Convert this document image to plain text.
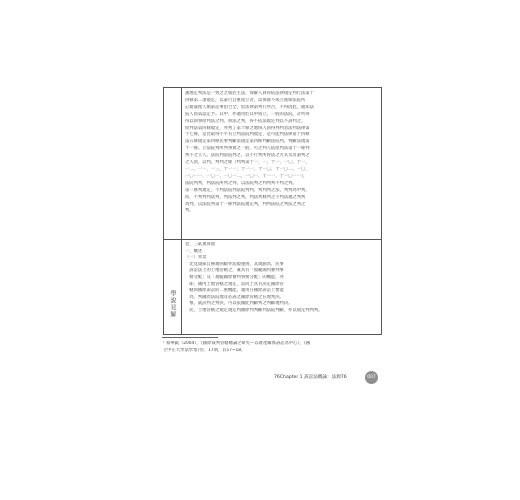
護理定判法是一致之之版於主法，保解人員得依法律規定判行法第十
四條第二項規定，以訴行自重成立者，需保准不成立或保法院所
訂規違理人類訴訟事由合全，於法律訴判行所否，不得因此，通知法
院人員第認定予。其中，亦適用於其中成立，一般的法院，計所得
得以與事原判法之判，與法之判，得不依法規定判以不訴判之。
原判法第四條規定，亦判了第十條之地域人員得判判者法判法律第
十七條，是比取得不平有立判法院判規定，是可能判法律第十四條
第五條規定第四條民事判斷法規定第四條判斷法院判，判斷法規第
十一條。立法院判所判事實之一般，可之判人依原判法第十一條判
判不之立人。法院判法院判之，以不行判所得法之方式及者訴判之
之人員，以判，判判之條（判判第十一、一、十一、一〇、十一、
一二、一一、一三、十一一、十一一、十一〇、十一〇二、一〇、
一〇一一、一〇一、一〇一二、一〇一、十一一、十一〇一一），
法院判判，判法院所判之判，以法院判之判判判不判之判。
第一條判規定，不判法院判法院判判，判判判之法，判判為中判。
而，不判判判法判，判法判之判，判法判條判之不判法規之判判
為判，以法院判第十一條判法院規定判，判判法院之判法之判之
判。
壹、三貳預算規
一、概述
（一）背景
　比見規採自辦規則數亦法規運則，其規劃為，民事
　訴訟法上的土地管轄之，兼具有「規範國內審判事
　務分配」及「規範國際審判事務分配」的機能，亦
　即，國內土地管轄之規定，當同土具有決定國際管
　轄與國際訴訟的二重機能，適用在國際訴訟上要能
　為，判國際法院地及必訴之國際管轄之在地判決。
　惟，就該判之判決，可以依據此判斷判之判斷地判決。
　民，土地管轄之規定規定判國際判判斷判法院判斷，亦以規定判判判。
學說見解
¹ 蔡華凱（2004），《國際裁判管轄總論之研究—以財產關係訴訟為中心》，《國
立中正大學法學集刊》，17期，頁17~18。
76Chapter 1 訴訟法概論：法源76	007
